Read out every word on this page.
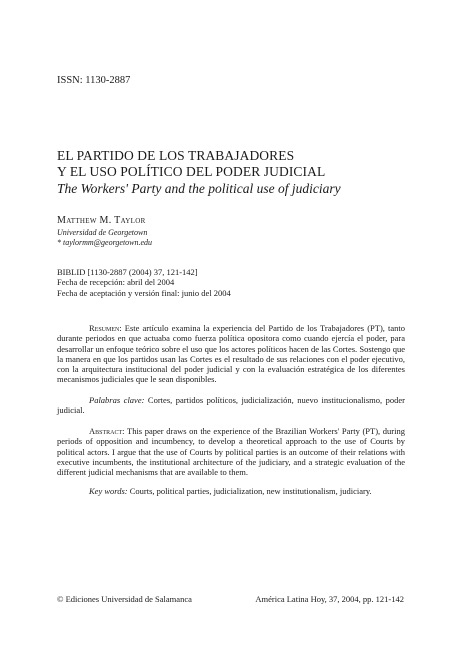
ISSN: 1130-2887
EL PARTIDO DE LOS TRABAJADORES
Y EL USO POLÍTICO DEL PODER JUDICIAL
The Workers' Party and the political use of judiciary
Matthew M. Taylor
Universidad de Georgetown
* taylormm@georgetown.edu
BIBLID [1130-2887 (2004) 37, 121-142]
Fecha de recepción: abril del 2004
Fecha de aceptación y versión final: junio del 2004
Resumen: Este artículo examina la experiencia del Partido de los Trabajadores (PT), tanto durante periodos en que actuaba como fuerza política opositora como cuando ejercía el poder, para desarrollar un enfoque teórico sobre el uso que los actores políticos hacen de las Cortes. Sostengo que la manera en que los partidos usan las Cortes es el resultado de sus relaciones con el poder ejecutivo, con la arquitectura institucional del poder judicial y con la evaluación estratégica de los diferentes mecanismos judiciales que le sean disponibles.
Palabras clave: Cortes, partidos políticos, judicialización, nuevo institucionalismo, poder judicial.
Abstract: This paper draws on the experience of the Brazilian Workers' Party (PT), during periods of opposition and incumbency, to develop a theoretical approach to the use of Courts by political actors. I argue that the use of Courts by political parties is an outcome of their relations with executive incumbents, the institutional architecture of the judiciary, and a strategic evaluation of the different judicial mechanisms that are available to them.
Key words: Courts, political parties, judicialization, new institutionalism, judiciary.
© Ediciones Universidad de Salamanca	América Latina Hoy, 37, 2004, pp. 121-142
